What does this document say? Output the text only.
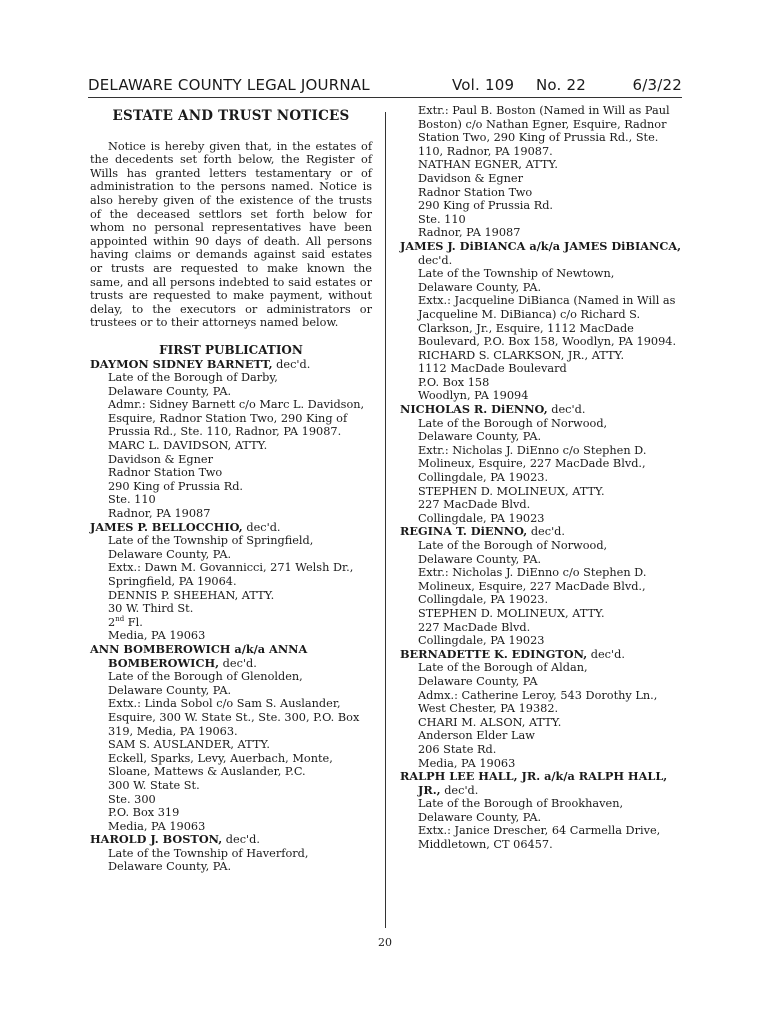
DELAWARE COUNTY LEGAL JOURNAL	Vol. 109 No. 22	6/3/22
ESTATE AND TRUST NOTICES

Notice is hereby given that, in the estates of the decedents set forth below, the Register of Wills has granted letters testamentary or of administration to the persons named. Notice is also hereby given of the existence of the trusts of the deceased settlors set forth below for whom no personal representatives have been appointed within 90 days of death. All persons having claims or demands against said estates or trusts are requested to make known the same, and all persons indebted to said estates or trusts are requested to make payment, without delay, to the executors or administrators or trustees or to their attorneys named below.

FIRST PUBLICATION
DAYMON SIDNEY BARNETT, dec'd.
Late of the Borough of Darby,
Delaware County, PA.
Admr.: Sidney Barnett c/o Marc L. Davidson, Esquire, Radnor Station Two, 290 King of Prussia Rd., Ste. 110, Radnor, PA 19087.
MARC L. DAVIDSON, ATTY.
Davidson & Egner
Radnor Station Two
290 King of Prussia Rd.
Ste. 110
Radnor, PA 19087
JAMES P. BELLOCCHIO, dec'd.
Late of the Township of Springfield,
Delaware County, PA.
Extx.: Dawn M. Govannicci, 271 Welsh Dr., Springfield, PA 19064.
DENNIS P. SHEEHAN, ATTY.
30 W. Third St.
2nd Fl.
Media, PA 19063
ANN BOMBEROWICH a/k/a ANNA BOMBEROWICH, dec'd.
Late of the Borough of Glenolden,
Delaware County, PA.
Extx.: Linda Sobol c/o Sam S. Auslander, Esquire, 300 W. State St., Ste. 300, P.O. Box 319, Media, PA 19063.
SAM S. AUSLANDER, ATTY.
Eckell, Sparks, Levy, Auerbach, Monte, Sloane, Mattews & Auslander, P.C.
300 W. State St.
Ste. 300
P.O. Box 319
Media, PA 19063
HAROLD J. BOSTON, dec'd.
Late of the Township of Haverford,
Delaware County, PA.
Extr.: Paul B. Boston (Named in Will as Paul Boston) c/o Nathan Egner, Esquire, Radnor Station Two, 290 King of Prussia Rd., Ste. 110, Radnor, PA 19087.
NATHAN EGNER, ATTY.
Davidson & Egner
Radnor Station Two
290 King of Prussia Rd.
Ste. 110
Radnor, PA 19087
JAMES J. DiBIANCA a/k/a JAMES DiBIANCA, dec'd.
Late of the Township of Newtown,
Delaware County, PA.
Extx.: Jacqueline DiBianca (Named in Will as Jacqueline M. DiBianca) c/o Richard S. Clarkson, Jr., Esquire, 1112 MacDade Boulevard, P.O. Box 158, Woodlyn, PA 19094.
RICHARD S. CLARKSON, JR., ATTY.
1112 MacDade Boulevard
P.O. Box 158
Woodlyn, PA 19094
NICHOLAS R. DiENNO, dec'd.
Late of the Borough of Norwood,
Delaware County, PA.
Extr.: Nicholas J. DiEnno c/o Stephen D. Molineux, Esquire, 227 MacDade Blvd., Collingdale, PA 19023.
STEPHEN D. MOLINEUX, ATTY.
227 MacDade Blvd.
Collingdale, PA 19023
REGINA T. DiENNO, dec'd.
Late of the Borough of Norwood,
Delaware County, PA.
Extr.: Nicholas J. DiEnno c/o Stephen D. Molineux, Esquire, 227 MacDade Blvd., Collingdale, PA 19023.
STEPHEN D. MOLINEUX, ATTY.
227 MacDade Blvd.
Collingdale, PA 19023
BERNADETTE K. EDINGTON, dec'd.
Late of the Borough of Aldan,
Delaware County, PA
Admx.: Catherine Leroy, 543 Dorothy Ln., West Chester, PA 19382.
CHARI M. ALSON, ATTY.
Anderson Elder Law
206 State Rd.
Media, PA 19063
RALPH LEE HALL, JR. a/k/a RALPH HALL, JR., dec'd.
Late of the Borough of Brookhaven,
Delaware County, PA.
Extx.: Janice Drescher, 64 Carmella Drive, Middletown, CT 06457.
20
